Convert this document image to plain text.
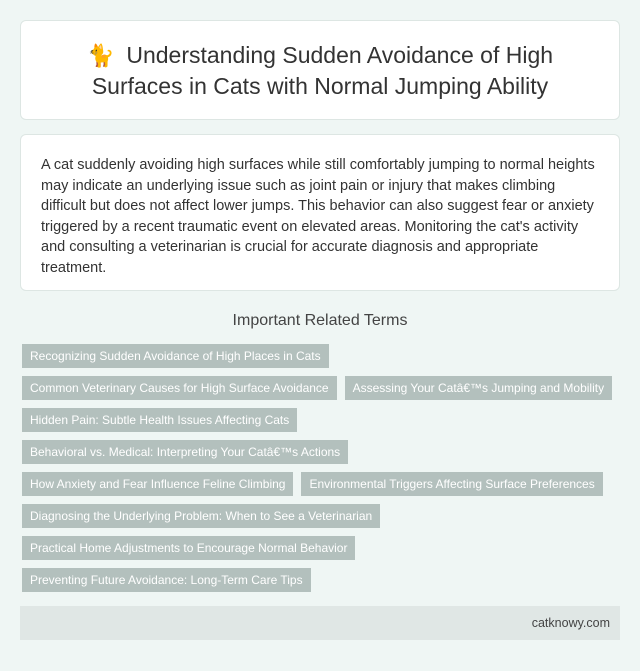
🐈 Understanding Sudden Avoidance of High Surfaces in Cats with Normal Jumping Ability

A cat suddenly avoiding high surfaces while still comfortably jumping to normal heights may indicate an underlying issue such as joint pain or injury that makes climbing difficult but does not affect lower jumps. This behavior can also suggest fear or anxiety triggered by a recent traumatic event on elevated areas. Monitoring the cat's activity and consulting a veterinarian is crucial for accurate diagnosis and appropriate treatment.

Important Related Terms
Recognizing Sudden Avoidance of High Places in Cats
Common Veterinary Causes for High Surface Avoidance	Assessing Your Catâ€™s Jumping and Mobility
Hidden Pain: Subtle Health Issues Affecting Cats
Behavioral vs. Medical: Interpreting Your Catâ€™s Actions
How Anxiety and Fear Influence Feline Climbing	Environmental Triggers Affecting Surface Preferences
Diagnosing the Underlying Problem: When to See a Veterinarian
Practical Home Adjustments to Encourage Normal Behavior
Preventing Future Avoidance: Long-Term Care Tips
catknowy.com
